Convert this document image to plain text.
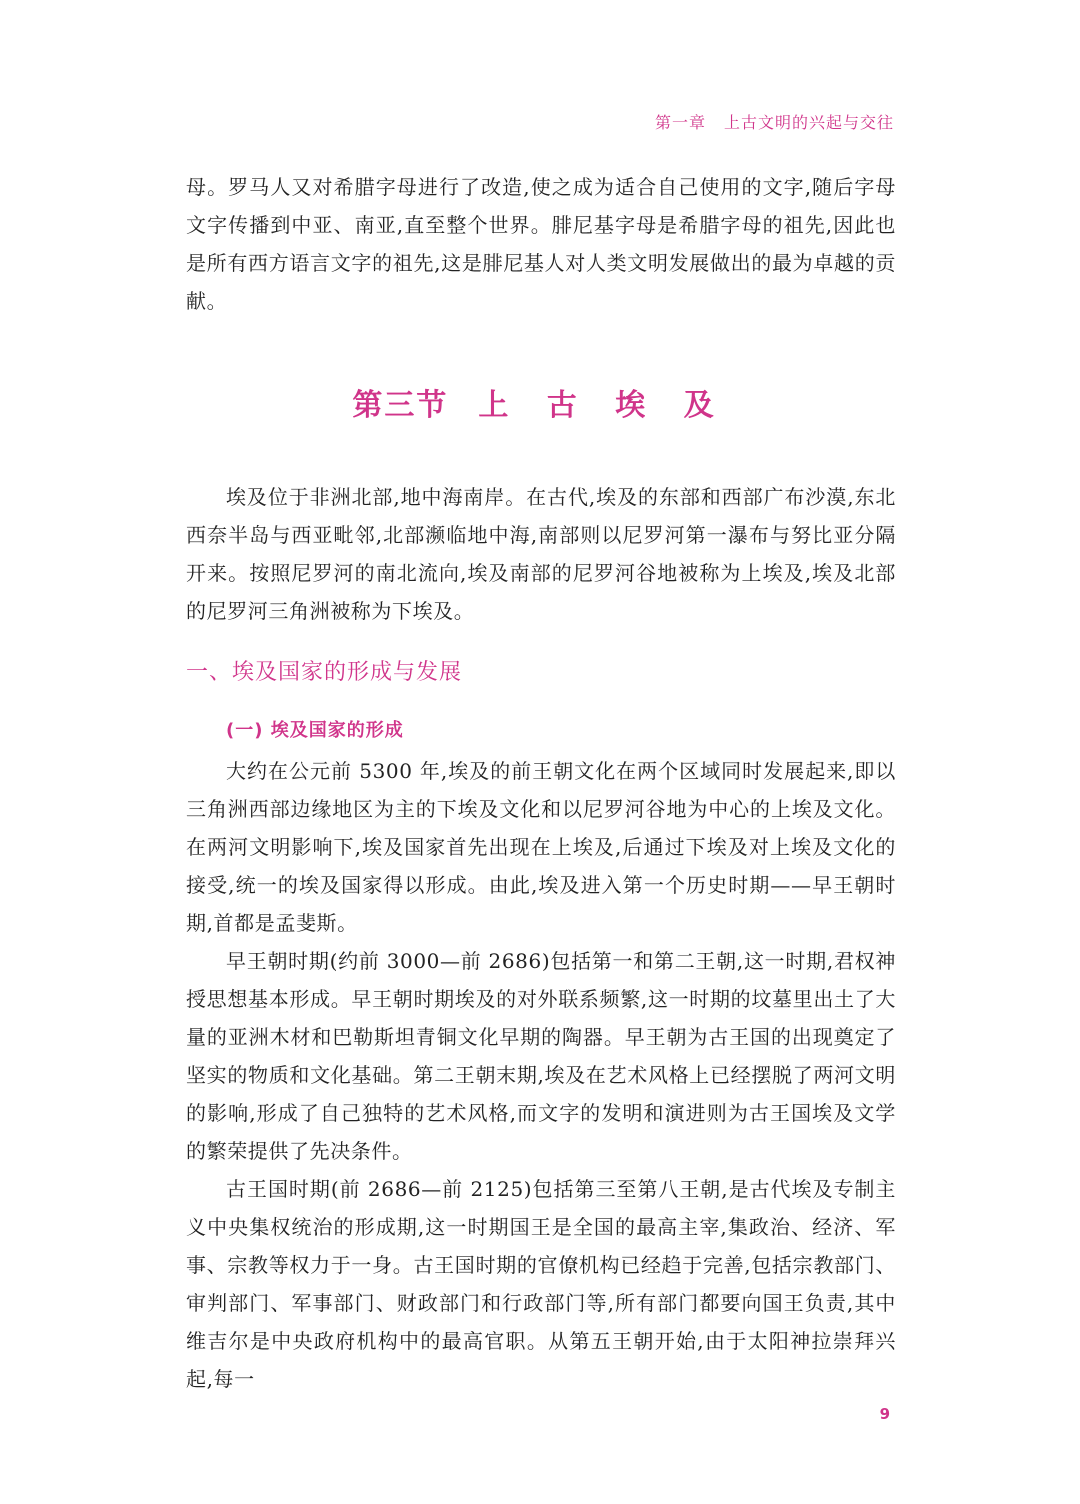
第一章 上古文明的兴起与交往

母。罗马人又对希腊字母进行了改造,使之成为适合自己使用的文字,随后字母文字传播到中亚、南亚,直至整个世界。腓尼基字母是希腊字母的祖先,因此也是所有西方语言文字的祖先,这是腓尼基人对人类文明发展做出的最为卓越的贡献。

第三节 上 古 埃 及

埃及位于非洲北部,地中海南岸。在古代,埃及的东部和西部广布沙漠,东北西奈半岛与西亚毗邻,北部濒临地中海,南部则以尼罗河第一瀑布与努比亚分隔开来。按照尼罗河的南北流向,埃及南部的尼罗河谷地被称为上埃及,埃及北部的尼罗河三角洲被称为下埃及。

一、埃及国家的形成与发展
(一) 埃及国家的形成

大约在公元前 5300 年,埃及的前王朝文化在两个区域同时发展起来,即以三角洲西部边缘地区为主的下埃及文化和以尼罗河谷地为中心的上埃及文化。在两河文明影响下,埃及国家首先出现在上埃及,后通过下埃及对上埃及文化的接受,统一的埃及国家得以形成。由此,埃及进入第一个历史时期——早王朝时期,首都是孟斐斯。

早王朝时期(约前 3000—前 2686)包括第一和第二王朝,这一时期,君权神授思想基本形成。早王朝时期埃及的对外联系频繁,这一时期的坟墓里出土了大量的亚洲木材和巴勒斯坦青铜文化早期的陶器。早王朝为古王国的出现奠定了坚实的物质和文化基础。第二王朝末期,埃及在艺术风格上已经摆脱了两河文明的影响,形成了自己独特的艺术风格,而文字的发明和演进则为古王国埃及文学的繁荣提供了先决条件。

古王国时期(前 2686—前 2125)包括第三至第八王朝,是古代埃及专制主义中央集权统治的形成期,这一时期国王是全国的最高主宰,集政治、经济、军事、宗教等权力于一身。古王国时期的官僚机构已经趋于完善,包括宗教部门、审判部门、军事部门、财政部门和行政部门等,所有部门都要向国王负责,其中维吉尔是中央政府机构中的最高官职。从第五王朝开始,由于太阳神拉崇拜兴起,每一

9
